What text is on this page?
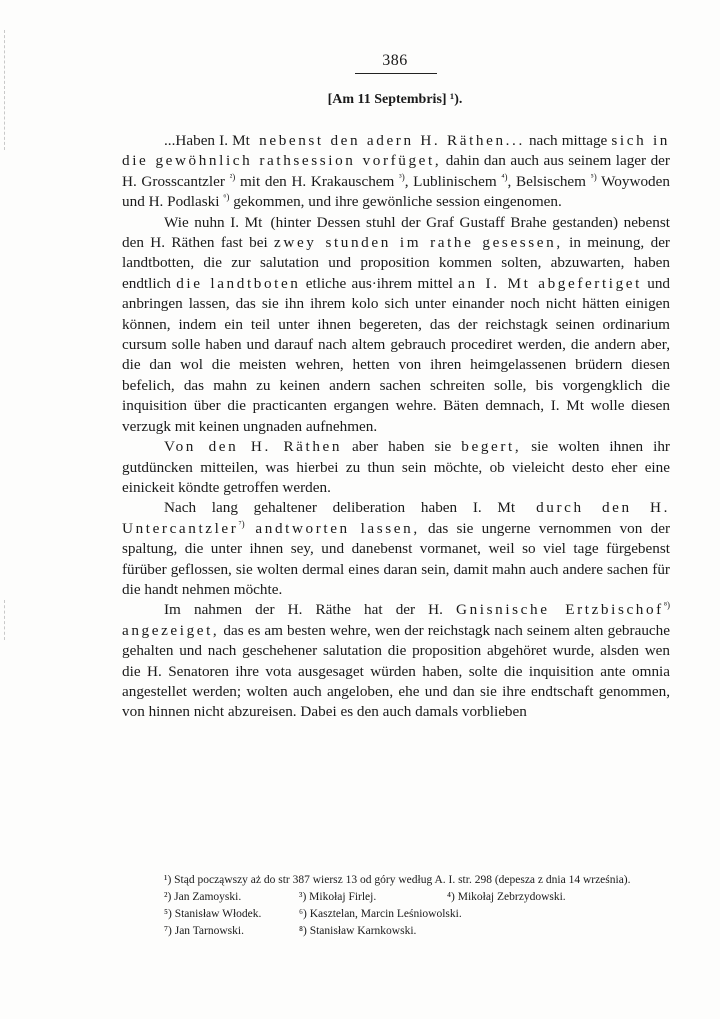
386
[Am 11 Septembris] ¹).

...Haben I. Mt nebenst den adern H. Räthen... nach mittage sich in die gewöhnlich rathsession vorfüget, dahin dan auch aus seinem lager der H. Grosscantzler $^{^2)}$ mit den H. Krakauschem $^{^3)}$, Lublinischem $^{^4)}$, Belsischem $^{^5)}$ Woywoden und H. Podlaski $^{^6)}$ gekommen, und ihre gewönliche session eingenomen.

Wie nuhn I. Mt (hinter Dessen stuhl der Graf Gustaff Brahe gestanden) nebenst den H. Räthen fast bei zwey stunden im rathe gesessen, in meinung, der landtbotten, die zur salutation und proposition kommen solten, abzuwarten, haben endtlich die landtboten etliche aus·ihrem mittel an I. Mt abgefertiget und anbringen lassen, das sie ihn ihrem kolo sich unter einander noch nicht hätten einigen können, indem ein teil unter ihnen begereten, das der reichstagk seinen ordinarium cursum solle haben und darauf nach altem gebrauch procediret werden, die andern aber, die dan wol die meisten wehren, hetten von ihren heimgelassenen brüdern diesen befelich, das mahn zu keinen andern sachen schreiten solle, bis vorgengklich die inquisition über die practicanten ergangen wehre. Bäten demnach, I. Mt wolle diesen verzugk mit keinen ungnaden aufnehmen.

Von den H. Räthen aber haben sie begert, sie wolten ihnen ihr gutdüncken mitteilen, was hierbei zu thun sein möchte, ob vieleicht desto eher eine einickeit köndte getroffen werden.

Nach lang gehaltener deliberation haben I. Mt durch den H. Untercantzler$^{^7)}$ andtworten lassen, das sie ungerne vernommen von der spaltung, die unter ihnen sey, und danebenst vormanet, weil so viel tage fürgebenst fürüber geflossen, sie wolten dermal eines daran sein, damit mahn auch andere sachen für die handt nehmen möchte.

Im nahmen der H. Räthe hat der H. Gnisnische Ertzbischof$^{^8)}$ angezeiget, das es am besten wehre, wen der reichstagk nach seinem alten gebrauche gehalten und nach geschehener salutation die proposition abgehöret wurde, alsden wen die H. Senatoren ihre vota ausgesaget würden haben, solte die inquisition ante omnia angestellet werden; wolten auch angeloben, ehe und dan sie ihre endtschaft genommen, von hinnen nicht abzureisen. Dabei es den auch damals vorblieben

¹) Stąd począwszy aż do str 387 wiersz 13 od góry według A. I. str. 298 (depesza z dnia 14 września).

²) Jan Zamoyski.	³) Mikołaj Firlej.	⁴) Mikołaj Zebrzydowski.
⁵) Stanisław Włodek.	⁶) Kasztelan, Marcin Leśniowolski.
⁷) Jan Tarnowski.	⁸) Stanisław Karnkowski.
